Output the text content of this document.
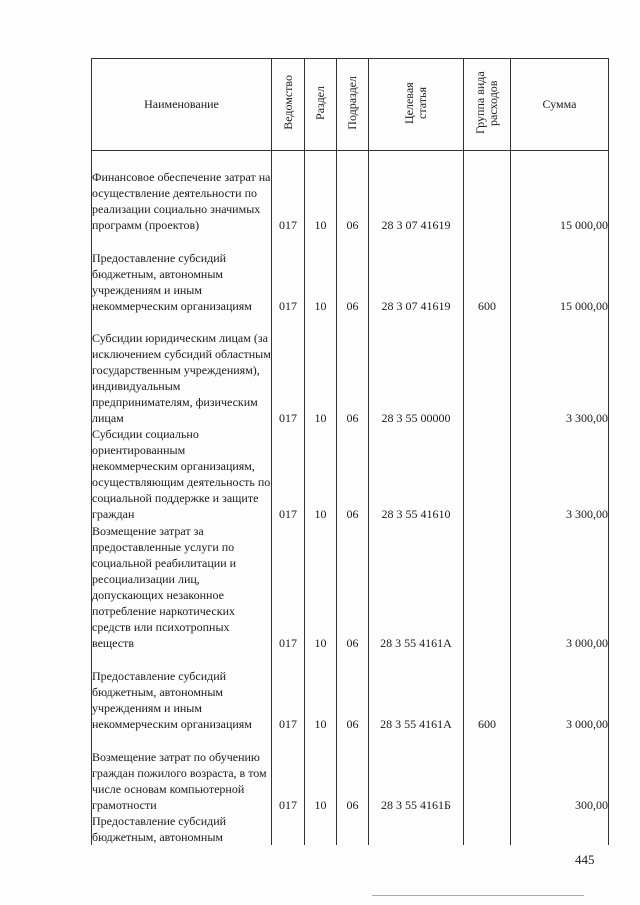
Наименование	Ведомство	Раздел	Подраздел	Целевая статья	Группа вида расходов	Сумма
Финансовое обеспечение затрат на осуществление деятельности по реализации социально значимых программ (проектов)	017	10	06	28 3 07 41619		15 000,00
Предоставление субсидий бюджетным, автономным учреждениям и иным некоммерческим организациям	017	10	06	28 3 07 41619	600	15 000,00
Субсидии юридическим лицам (за исключением субсидий областным государственным учреждениям), индивидуальным предпринимателям, физическим лицам	017	10	06	28 3 55 00000		3 300,00
Субсидии социально ориентированным некоммерческим организациям, осуществляющим деятельность по социальной поддержке и защите граждан	017	10	06	28 3 55 41610		3 300,00
Возмещение затрат за предоставленные услуги по социальной реабилитации и ресоциализации лиц, допускающих незаконное потребление наркотических средств или психотропных веществ	017	10	06	28 3 55 4161А		3 000,00
Предоставление субсидий бюджетным, автономным учреждениям и иным некоммерческим организациям	017	10	06	28 3 55 4161А	600	3 000,00
Возмещение затрат по обучению граждан пожилого возраста, в том числе основам компьютерной грамотности	017	10	06	28 3 55 4161Б		300,00
Предоставление субсидий бюджетным, автономным						
445
